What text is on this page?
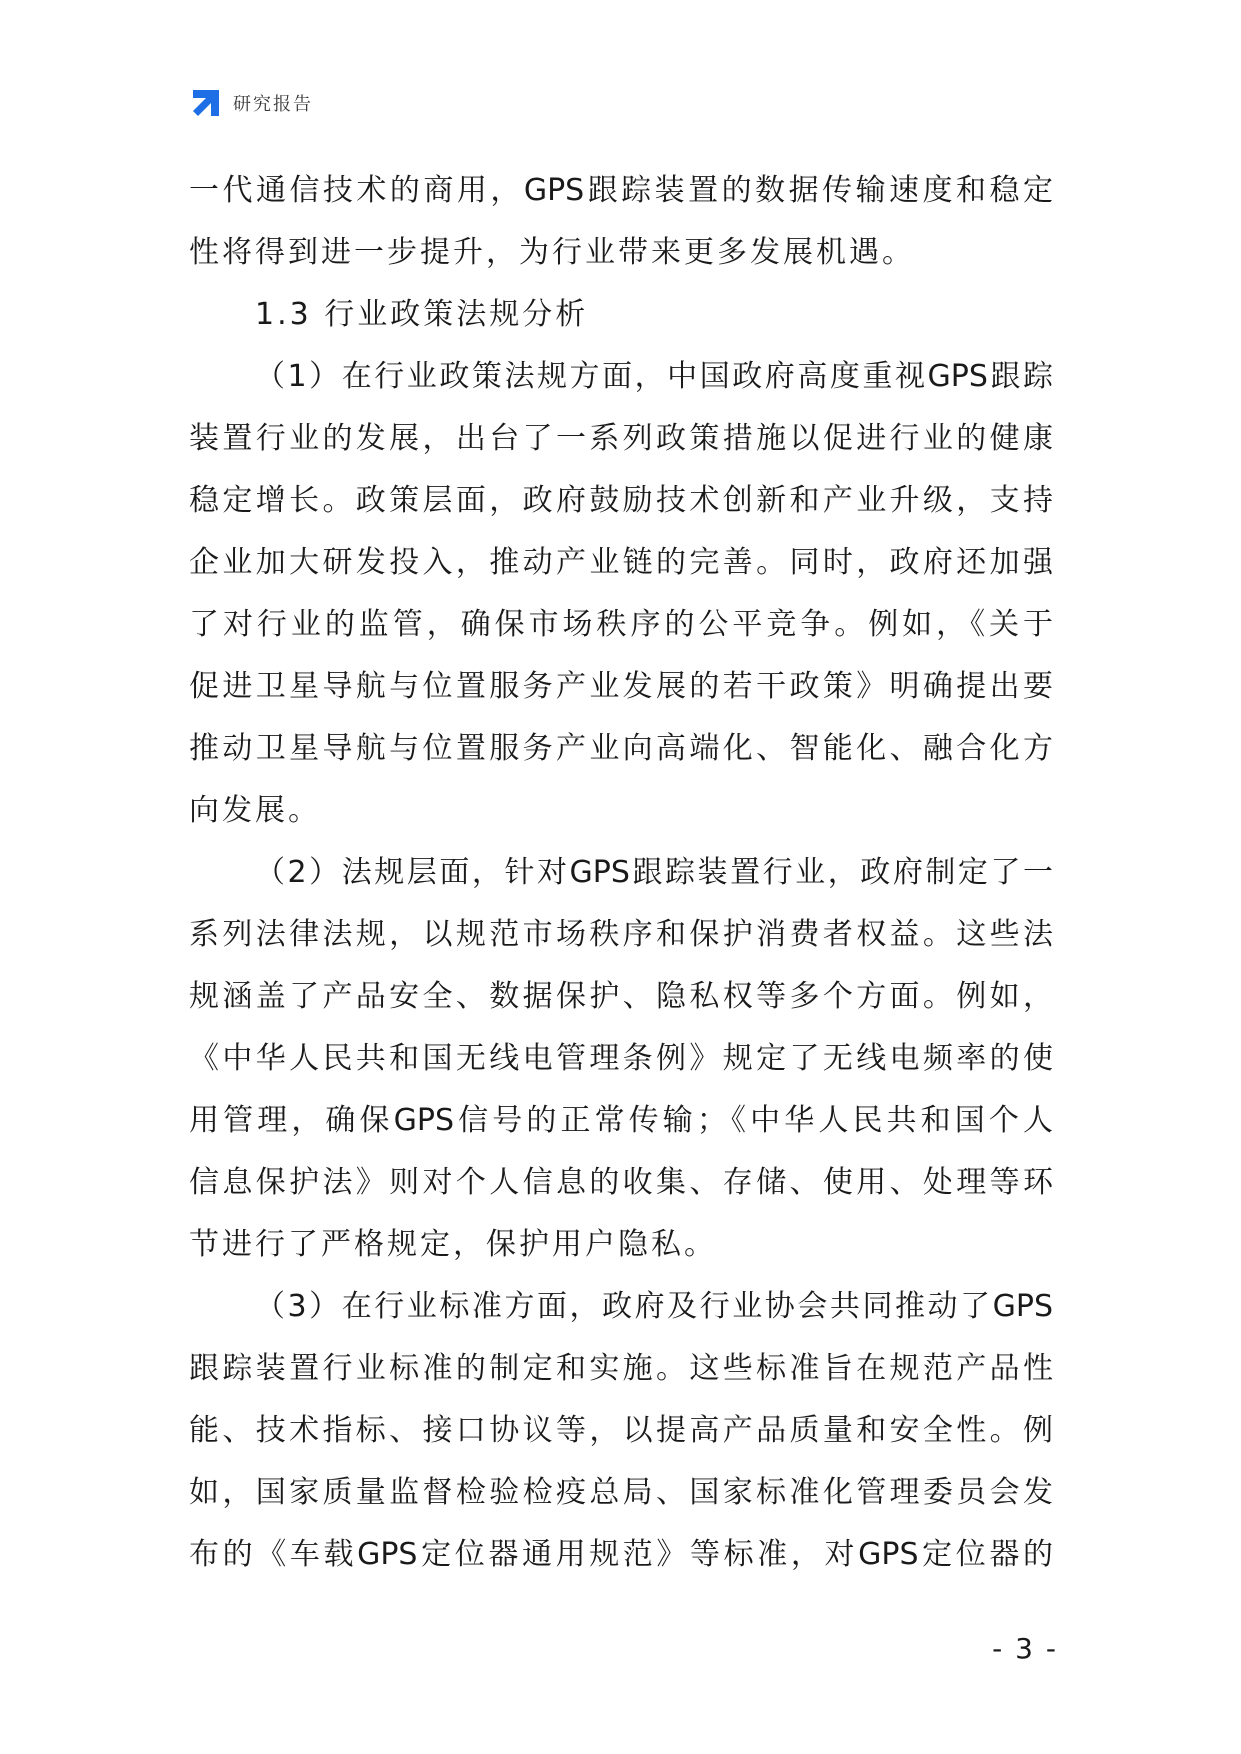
研究报告
一代通信技术的商用，GPS跟踪装置的数据传输速度和稳定
性将得到进一步提升，为行业带来更多发展机遇。
1.3 行业政策法规分析
（1）在行业政策法规方面，中国政府高度重视GPS跟踪
装置行业的发展，出台了一系列政策措施以促进行业的健康
稳定增长。政策层面，政府鼓励技术创新和产业升级，支持
企业加大研发投入，推动产业链的完善。同时，政府还加强
了对行业的监管，确保市场秩序的公平竞争。例如，《关于
促进卫星导航与位置服务产业发展的若干政策》明确提出要
推动卫星导航与位置服务产业向高端化、智能化、融合化方
向发展。
（2）法规层面，针对GPS跟踪装置行业，政府制定了一
系列法律法规，以规范市场秩序和保护消费者权益。这些法
规涵盖了产品安全、数据保护、隐私权等多个方面。例如，
《中华人民共和国无线电管理条例》规定了无线电频率的使
用管理，确保GPS信号的正常传输；《中华人民共和国个人
信息保护法》则对个人信息的收集、存储、使用、处理等环
节进行了严格规定，保护用户隐私。
（3）在行业标准方面，政府及行业协会共同推动了GPS
跟踪装置行业标准的制定和实施。这些标准旨在规范产品性
能、技术指标、接口协议等，以提高产品质量和安全性。例
如，国家质量监督检验检疫总局、国家标准化管理委员会发
布的《车载GPS定位器通用规范》等标准，对GPS定位器的
- 3 -
